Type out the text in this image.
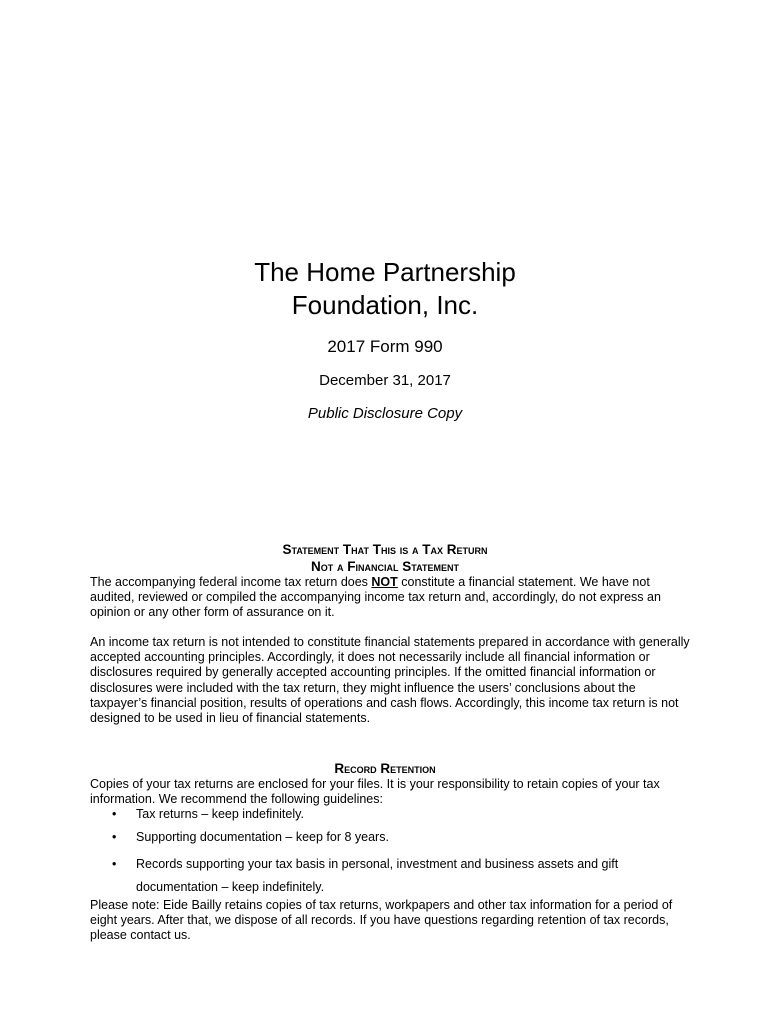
The Home Partnership
Foundation, Inc.

2017 Form 990

December 31, 2017

Public Disclosure Copy

Statement That This is a Tax Return

Not a Financial Statement

The accompanying federal income tax return does NOT constitute a financial statement. We have not audited, reviewed or compiled the accompanying income tax return and, accordingly, do not express an opinion or any other form of assurance on it.

An income tax return is not intended to constitute financial statements prepared in accordance with generally accepted accounting principles. Accordingly, it does not necessarily include all financial information or disclosures required by generally accepted accounting principles. If the omitted financial information or disclosures were included with the tax return, they might influence the users’ conclusions about the taxpayer’s financial position, results of operations and cash flows. Accordingly, this income tax return is not designed to be used in lieu of financial statements.

Record Retention

Copies of your tax returns are enclosed for your files. It is your responsibility to retain copies of your tax information. We recommend the following guidelines:

• Tax returns – keep indefinitely.
• Supporting documentation – keep for 8 years.
• Records supporting your tax basis in personal, investment and business assets and gift documentation – keep indefinitely.

Please note: Eide Bailly retains copies of tax returns, workpapers and other tax information for a period of eight years. After that, we dispose of all records. If you have questions regarding retention of tax records, please contact us.
